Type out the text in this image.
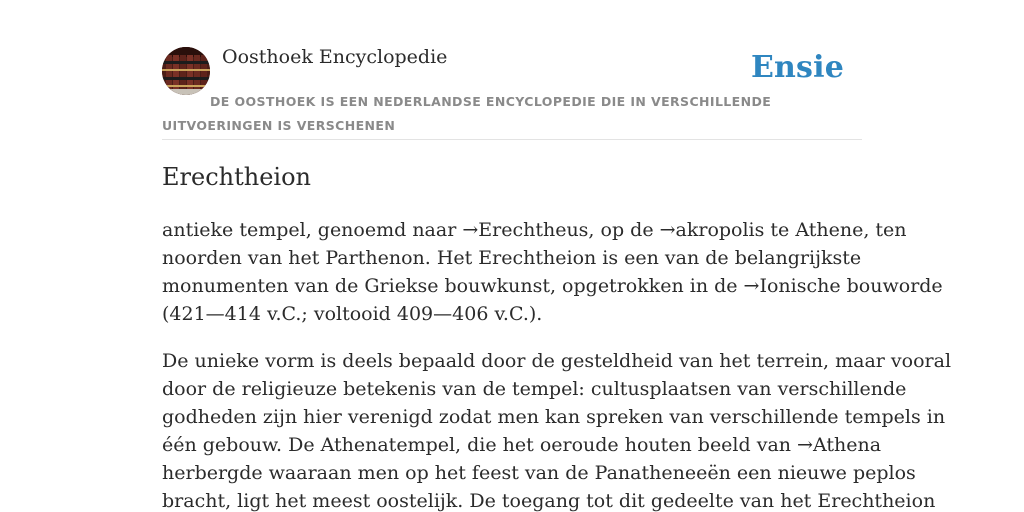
Oosthoek Encyclopedie	Ensie
DE OOSTHOEK IS EEN NEDERLANDSE ENCYCLOPEDIE DIE IN VERSCHILLENDE UITVOERINGEN IS VERSCHENEN
Erechtheion

antieke tempel, genoemd naar →Erechtheus, op de →akropolis te Athene, ten
noorden van het Parthenon. Het Erechtheion is een van de belangrijkste
monumenten van de Griekse bouwkunst, opgetrokken in de →Ionische bouworde
(421—414 v.C.; voltooid 409—406 v.C.).

De unieke vorm is deels bepaald door de gesteldheid van het terrein, maar vooral
door de religieuze betekenis van de tempel: cultusplaatsen van verschillende
godheden zijn hier verenigd zodat men kan spreken van verschillende tempels in
één gebouw. De Athenatempel, die het oeroude houten beeld van →Athena
herbergde waaraan men op het feest van de Panatheneeën een nieuwe peplos
bracht, ligt het meest oostelijk. De toegang tot dit gedeelte van het Erechtheion
